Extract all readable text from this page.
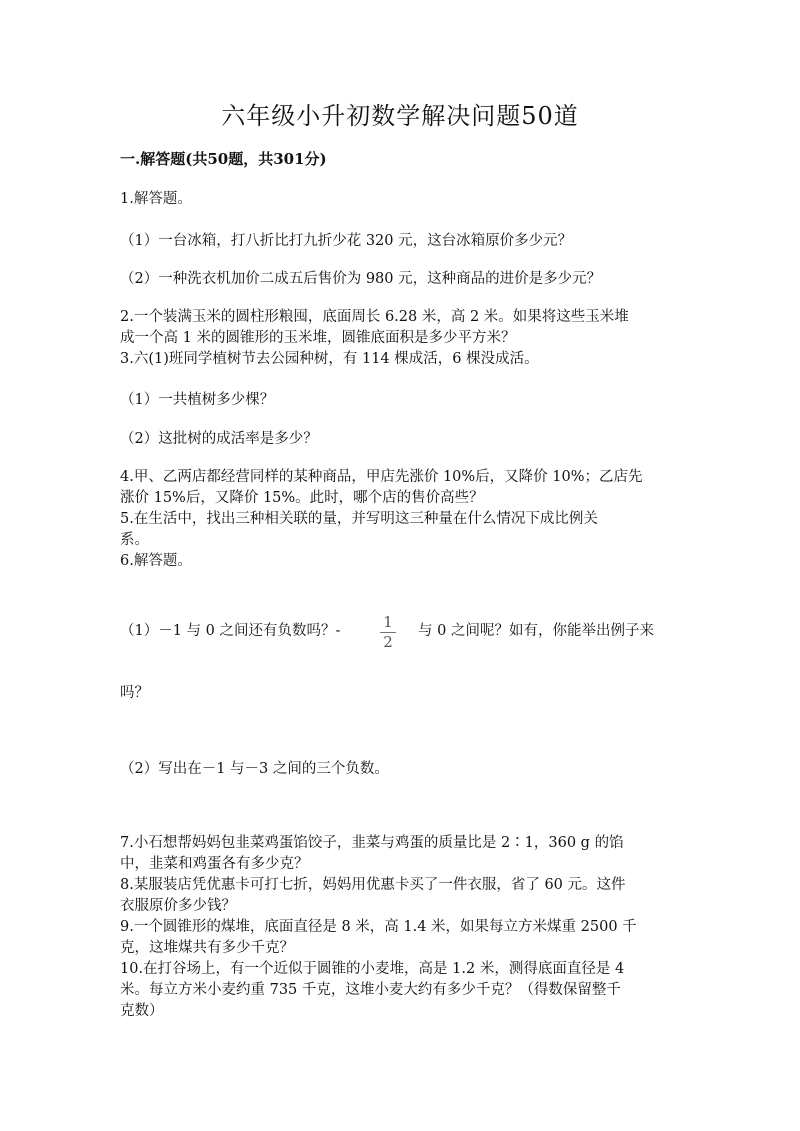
六年级小升初数学解决问题50道
一.解答题(共50题，共301分)
1.解答题。
（1）一台冰箱，打八折比打九折少花 320 元，这台冰箱原价多少元？
（2）一种洗衣机加价二成五后售价为 980 元，这种商品的进价是多少元？
2.一个装满玉米的圆柱形粮囤，底面周长 6.28 米，高 2 米。如果将这些玉米堆
成一个高 1 米的圆锥形的玉米堆，圆锥底面积是多少平方米？
3.六(1)班同学植树节去公园种树，有 114 棵成活，6 棵没成活。
（1）一共植树多少棵？
（2）这批树的成活率是多少？
4.甲、乙两店都经营同样的某种商品，甲店先涨价 10%后，又降价 10%；乙店先
涨价 15%后，又降价 15%。此时，哪个店的售价高些？
5.在生活中，找出三种相关联的量，并写明这三种量在什么情况下成比例关
系。
6.解答题。
（1）－1 与 0 之间还有负数吗？-	1
2
与 0 之间呢？如有，你能举出例子来
吗？
（2）写出在－1 与－3 之间的三个负数。
7.小石想帮妈妈包韭菜鸡蛋馅饺子，韭菜与鸡蛋的质量比是 2∶1，360 g 的馅
中，韭菜和鸡蛋各有多少克？
8.某服装店凭优惠卡可打七折，妈妈用优惠卡买了一件衣服，省了 60 元。这件
衣服原价多少钱？
9.一个圆锥形的煤堆，底面直径是 8 米，高 1.4 米，如果每立方米煤重 2500 千
克，这堆煤共有多少千克？
10.在打谷场上，有一个近似于圆锥的小麦堆，高是 1.2 米，测得底面直径是 4
米。每立方米小麦约重 735 千克，这堆小麦大约有多少千克？（得数保留整千
克数）
